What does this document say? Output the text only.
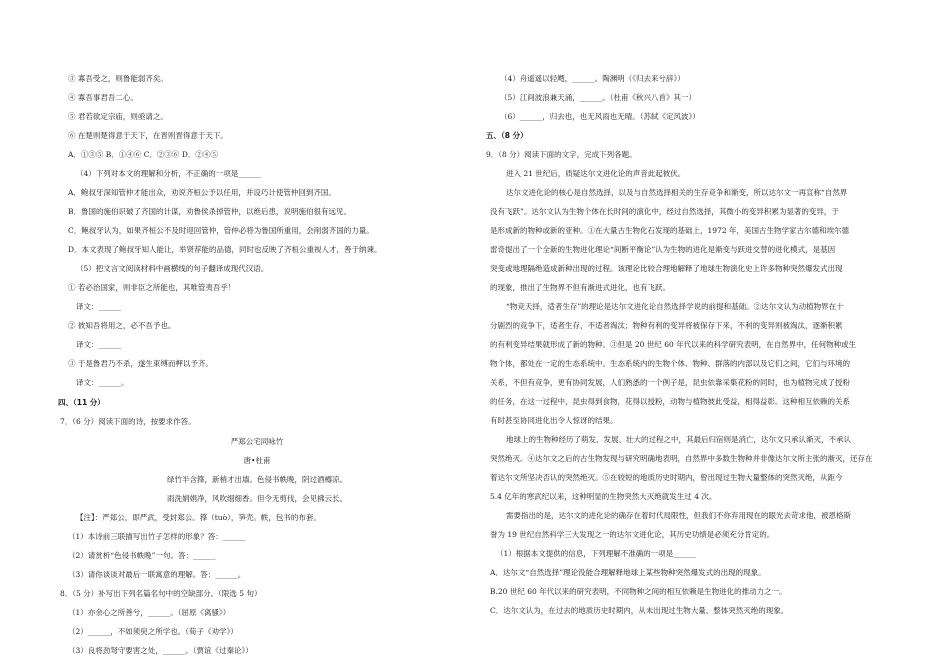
③ 寡吾受之，则鲁能弱齐矣。
④ 寡吾事君吾二心。
⑤ 君若欲定宗庙，则亟请之。
⑥ 在楚则楚得意于天下，在晋则晋得意于天下。
A．①③⑤ B．①④⑥ C．②③⑥ D．②④⑤
（4）下列对本文的理解和分析，不正确的一项是______
A．鲍叔牙深知管仲才能出众，劝说齐桓公予以任用，并设巧计使管仲回到齐国。
B．鲁国的施伯识破了齐国的计谋，劝鲁侯杀掉管仲，以绝后患，说明施伯很有远见。
C．鲍叔牙认为，如果齐桓公不及时迎回管仲，管仲必将为鲁国所重用，会削弱齐国的力量。
D．本文表现了鲍叔牙知人能让，举贤荐能的品德，同时也反映了齐桓公重视人才，善于纳谏。
（5）把文言文阅读材料中画横线的句子翻译成现代汉语。
① 若必治国家，则非臣之所能也，其唯管夷吾乎！
译文：______
② 彼知吾将用之，必不吾予也。
译文：______
③ 于是鲁君乃不杀，遂生束缚而柙以予齐。
译文：______。
四、（11 分）
7．（6 分）阅读下面的诗，按要求作答。
严郑公宅同咏竹
唐•杜甫
绿竹半含箨，新梢才出墙。色侵书帙晚，阴过酒樽凉。
雨洗娟娟净，风吹细细香。但令无剪伐，会见拂云长。
【注】：严郑公，即严武，受封郑公。箨（tuò），笋壳。帙，包书的布套。
（1）本诗前三联描写出竹子怎样的形象？答：______
（2）请赏析“色侵书帙晚”一句。答：______
（3）请你谈谈对最后一联寓意的理解。答：______。
8．（5 分）补写出下列名篇名句中的空缺部分。（限选 5 句）
（1）亦余心之所善兮，______。（屈原《离骚》）
（2）______，不如须臾之所学也。（荀子《劝学》）
（3）良将劲弩守要害之处，______。（贾谊《过秦论》）
（4）舟遥遥以轻飏，______。陶渊明（《归去来兮辞》）
（5）江间波浪兼天涌，______。（杜甫《秋兴八首》其一）
（6）______，归去也，也无风雨也无晴。（苏轼《定风波》）
五、（8 分）
9．（8 分）阅读下面的文字，完成下列各题。
进入 21 世纪后，质疑达尔文进化论的声音此起彼伏。
达尔文进化论的核心是自然选择，以及与自然选择相关的生存竞争和渐变，所以达尔文一再宣称“自然界
没有飞跃”。达尔文认为生物个体在长时间的演化中，经过自然选择，其微小的变异积累为显著的变异，于
是形成新的物种或新的亚种。①在大量古生物化石发现的基础上，1972 年，美国古生物学家古尔德和埃尔德
雷奇提出了一个全新的生物进化理论“间断平衡论”认为生物的进化是渐变与跃进交替的进化模式，是基因
突变或地理隔绝造成新种出现的过程。该理论比较合理地解释了地球生物演化史上许多物种突然爆发式出现
的现象，推出了生物界不但有渐进式进化，也有飞跃。
“物竞天择，适者生存”的理论是达尔文进化论自然选择学说的前提和基础。②达尔文认为动植物界在十
分剧烈的竞争下，适者生存，不适者淘汰；物种有利的变异将被保存下来，不利的变异则被淘汰，逐渐积累
的有利变异结果就形成了新的物种。③但是 20 世纪 60 年代以来的科学研究表明，在自然界中，任何物种或生
物个体，都处在一定的生态系统中。生态系统内的生物个体、物种、群落的内部以及它们之间，它们与环境的
关系，不但有竞争，更有协同发展，人们熟悉的一个例子是，昆虫依靠采集花粉的同时，也为植物完成了授粉
的任务，在这一过程中，昆虫得到食物，花得以授粉，动物与植物彼此受益，相得益彰。这种相互依赖的关系
有时甚至协同进化出令人惊讶的结果。
地球上的生物种经历了萌发、发展、壮大的过程之中，其最后归宿则是消亡，达尔文只承认渐灭，不承认
突然绝灭。④达尔文之后的古生物发现与研究明确地表明，自然界中多数生物种并非像达尔文所主张的渐灭，还存在
着达尔文所坚决否认的突然绝灭。⑤在较短的地质历史时期内，曾出现过生物大量整体的突然灭绝，从距今
5.4 亿年的寒武纪以来，这种明显的生物突然大灭绝就发生过 4 次。
需要指出的是，达尔文的进化论的确存在着时代局限性，但我们不你弃用现在的眼光去苛求他，被恩格斯
誉为 19 世纪自然科学三大发现之一的达尔文进化论，其历史功绩是必须充分肯定的。
（1）根据本文提供的信息，下列理解不准确的一项是______
A．达尔文“自然选择”理论没能合理解释地球上某些物种突然爆发式的出现的现象。
B.20 世纪 60 年代以来的研究表明，不同物种之间的相互依赖是生物进化的推动力之一。
C．达尔文认为，在过去的地质历史时期内，从未出现过生物大量、整体突然灭绝的现象。
